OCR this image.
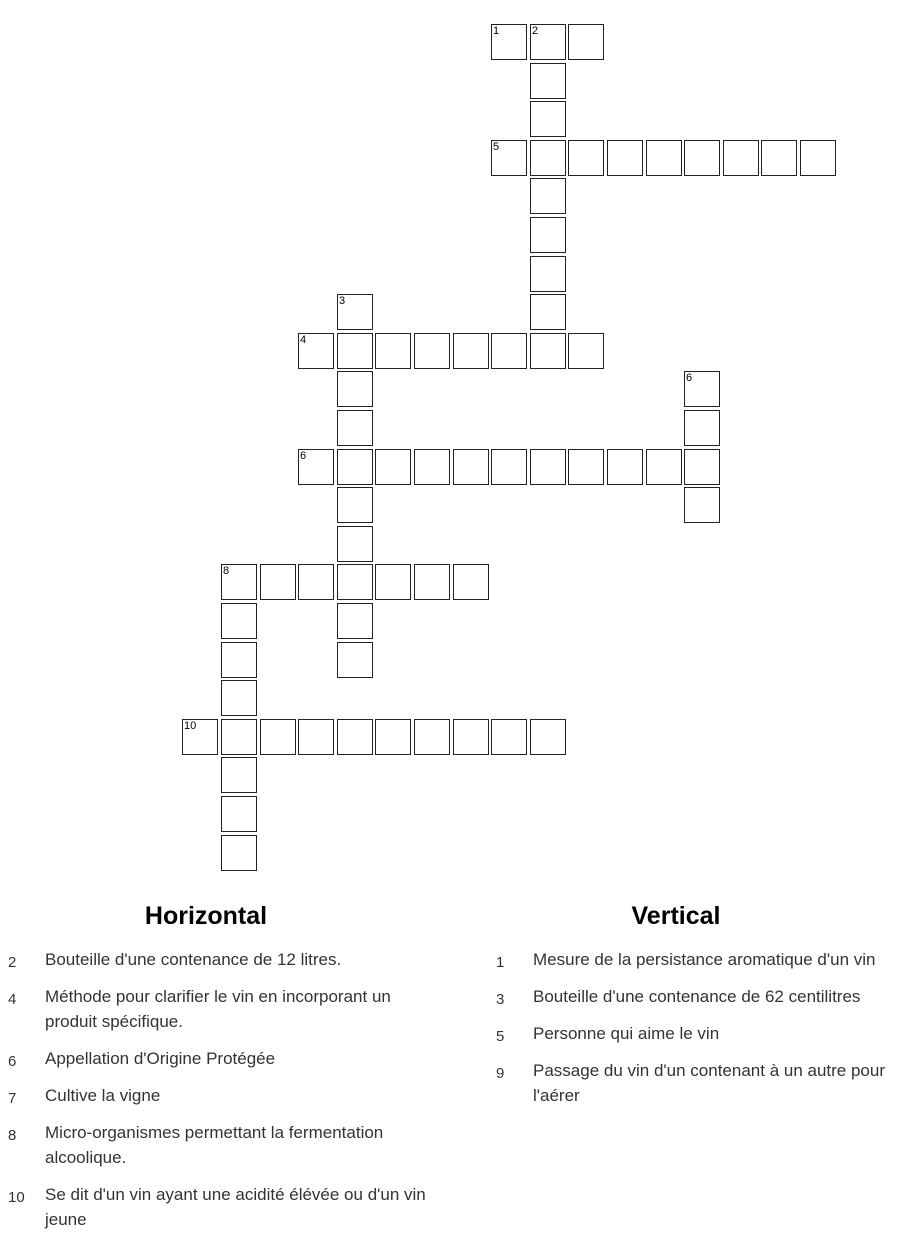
1	2
5
3
4
6
6
8
10
Horizontal
2 Bouteille d'une contenance de 12 litres.
4 Méthode pour clarifier le vin en incorporant un produit spécifique.
6 Appellation d'Origine Protégée
7 Cultive la vigne
8 Micro-organismes permettant la fermentation alcoolique.
10 Se dit d'un vin ayant une acidité élévée ou d'un vin jeune
Vertical
1 Mesure de la persistance aromatique d'un vin
3 Bouteille d'une contenance de 62 centilitres
5 Personne qui aime le vin
9 Passage du vin d'un contenant à un autre pour l'aérer
